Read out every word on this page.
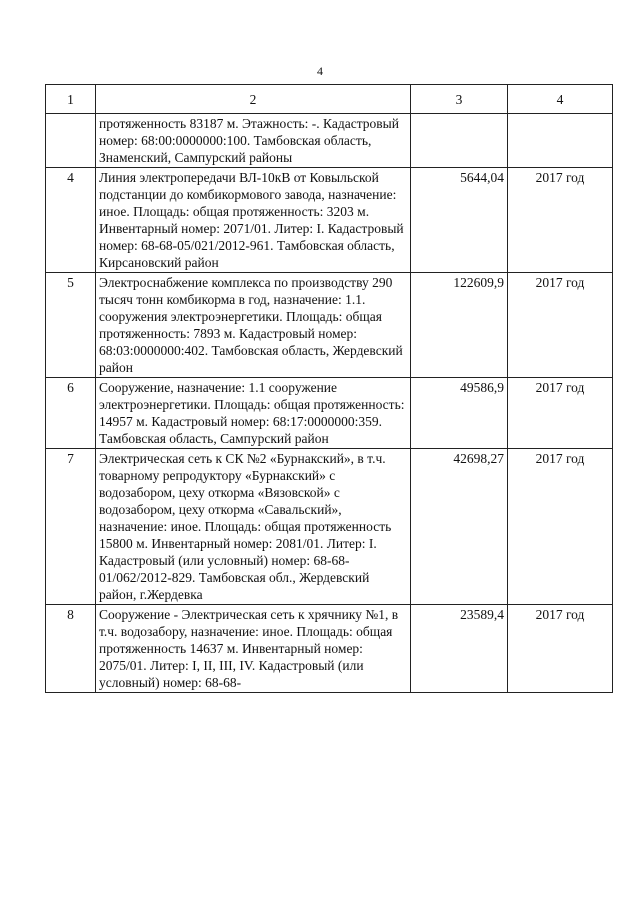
4
1	2	3	4
	протяженность 83187 м. Этажность: -. Кадастровый номер: 68:00:0000000:100. Тамбовская область, Знаменский, Сампурский районы		
4	Линия электропередачи ВЛ-10кВ от Ковыльской подстанции до комбикормового завода, назначение: иное. Площадь: общая протяженность: 3203 м. Инвентарный номер: 2071/01. Литер: I. Кадастровый номер: 68-68-05/021/2012-961. Тамбовская область, Кирсановский район	5644,04	2017 год
5	Электроснабжение комплекса по производству 290 тысяч тонн комбикорма в год, назначение: 1.1. сооружения электроэнергетики. Площадь: общая протяженность: 7893 м. Кадастровый номер: 68:03:0000000:402. Тамбовская область, Жердевский район	122609,9	2017 год
6	Сооружение, назначение: 1.1 сооружение электроэнергетики. Площадь: общая протяженность: 14957 м. Кадастровый номер: 68:17:0000000:359. Тамбовская область, Сампурский район	49586,9	2017 год
7	Электрическая сеть к СК №2 «Бурнакский», в т.ч. товарному репродуктору «Бурнакский» с водозабором, цеху откорма «Вязовской» с водозабором, цеху откорма «Савальский», назначение: иное. Площадь: общая протяженность 15800 м. Инвентарный номер: 2081/01. Литер: I. Кадастровый (или условный) номер: 68-68-01/062/2012-829. Тамбовская обл., Жердевский район, г.Жердевка	42698,27	2017 год
8	Сооружение - Электрическая сеть к хрячнику №1, в т.ч. водозабору, назначение: иное. Площадь: общая протяженность 14637 м. Инвентарный номер: 2075/01. Литер: I, II, III, IV. Кадастровый (или условный) номер: 68-68-	23589,4	2017 год
